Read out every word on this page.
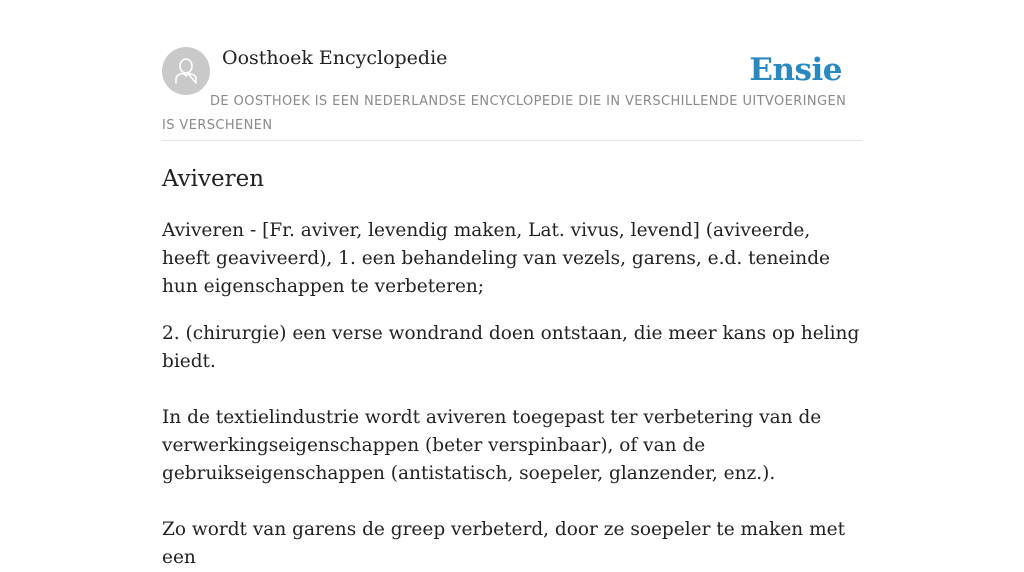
Oosthoek Encyclopedie	Ensie
DE OOSTHOEK IS EEN NEDERLANDSE ENCYCLOPEDIE DIE IN VERSCHILLENDE UITVOERINGEN IS VERSCHENEN
Aviveren

Aviveren - [Fr. aviver, levendig maken, Lat. vivus, levend] (aviveerde, heeft geaviveerd), 1. een behandeling van vezels, garens, e.d. teneinde hun eigenschappen te verbeteren;

2. (chirurgie) een verse wondrand doen ontstaan, die meer kans op heling biedt.

In de textielindustrie wordt aviveren toegepast ter verbetering van de verwerkingseigenschappen (beter verspinbaar), of van de gebruikseigenschappen (antistatisch, soepeler, glanzender, enz.).

Zo wordt van garens de greep verbeterd, door ze soepeler te maken met een
